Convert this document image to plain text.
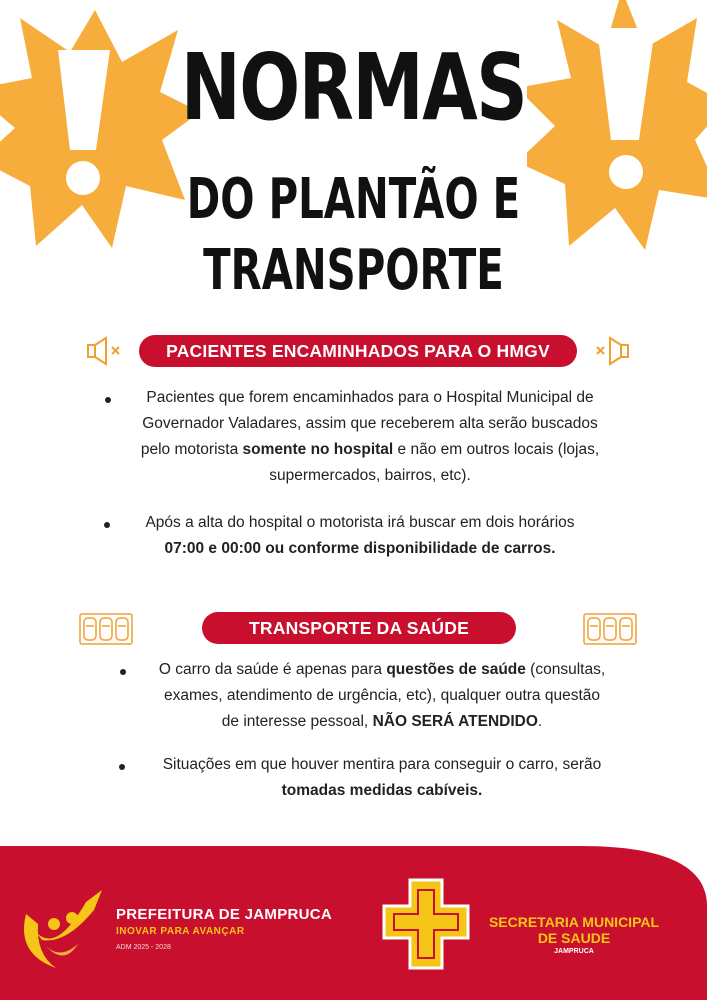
NORMAS
DO PLANTÃO E
TRANSPORTE
PACIENTES ENCAMINHADOS PARA O HMGV
Pacientes que forem encaminhados para o Hospital Municipal de
Governador Valadares, assim que receberem alta serão buscados
pelo motorista somente no hospital e não em outros locais (lojas,
supermercados, bairros, etc).
Após a alta do hospital o motorista irá buscar em dois horários
07:00 e 00:00 ou conforme disponibilidade de carros.
TRANSPORTE DA SAÚDE
O carro da saúde é apenas para questões de saúde (consultas,
exames, atendimento de urgência, etc), qualquer outra questão
de interesse pessoal, NÃO SERÁ ATENDIDO.
Situações em que houver mentira para conseguir o carro, serão
tomadas medidas cabíveis.
PREFEITURA DE JAMPRUCA
INOVAR PARA AVANÇAR
ADM 2025 - 2028
SECRETARIA MUNICIPAL
DE SAUDE
JAMPRUCA
